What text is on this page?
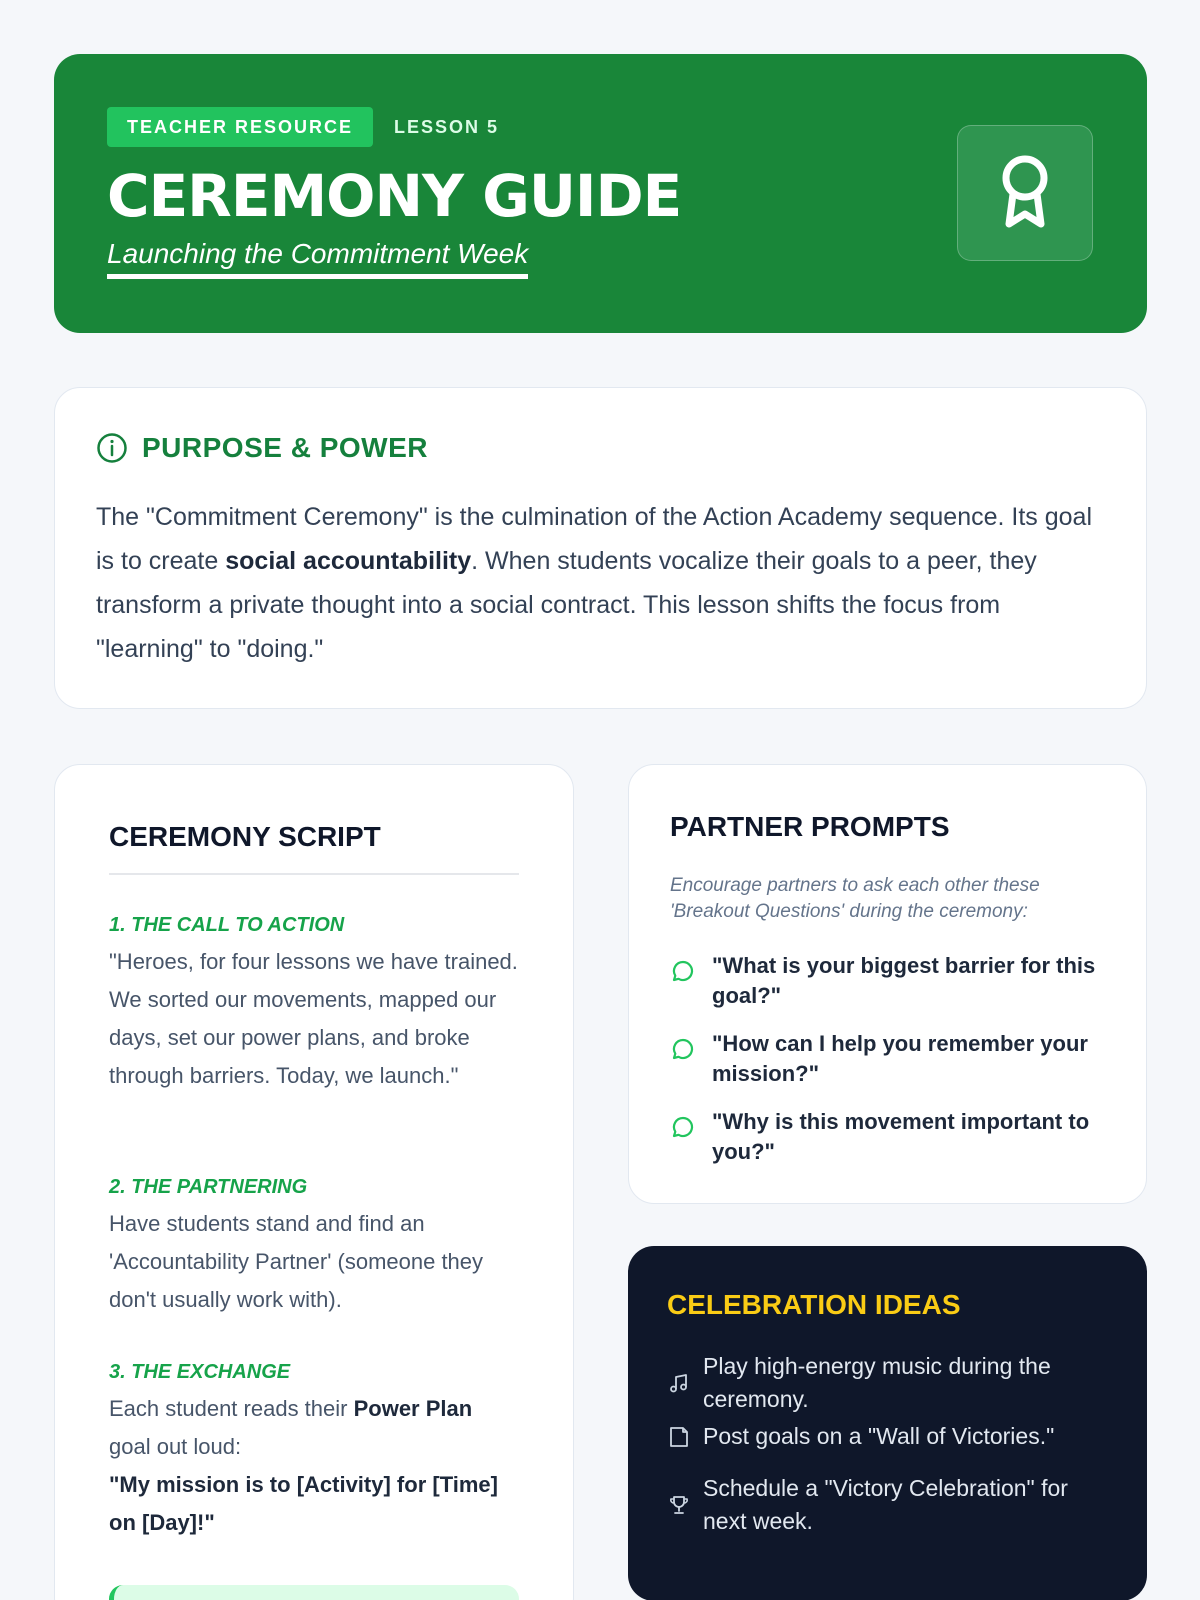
TEACHER RESOURCE	LESSON 5
CEREMONY GUIDE
Launching the Commitment Week
PURPOSE & POWER

The "Commitment Ceremony" is the culmination of the Action Academy sequence. Its goal is to create social accountability. When students vocalize their goals to a peer, they transform a private thought into a social contract. This lesson shifts the focus from "learning" to "doing."

CEREMONY SCRIPT
1. THE CALL TO ACTION
"Heroes, for four lessons we have trained. We sorted our movements, mapped our days, set our power plans, and broke through barriers. Today, we launch."
2. THE PARTNERING
Have students stand and find an 'Accountability Partner' (someone they don't usually work with).
3. THE EXCHANGE
Each student reads their Power Plan goal out loud:
"My mission is to [Activity] for [Time] on [Day]!"
PARTNER PROMPTS
Encourage partners to ask each other these 'Breakout Questions' during the ceremony:
"What is your biggest barrier for this goal?"
"How can I help you remember your mission?"
"Why is this movement important to you?"
CELEBRATION IDEAS
Play high-energy music during the ceremony.
Post goals on a "Wall of Victories."
Schedule a "Victory Celebration" for next week.
